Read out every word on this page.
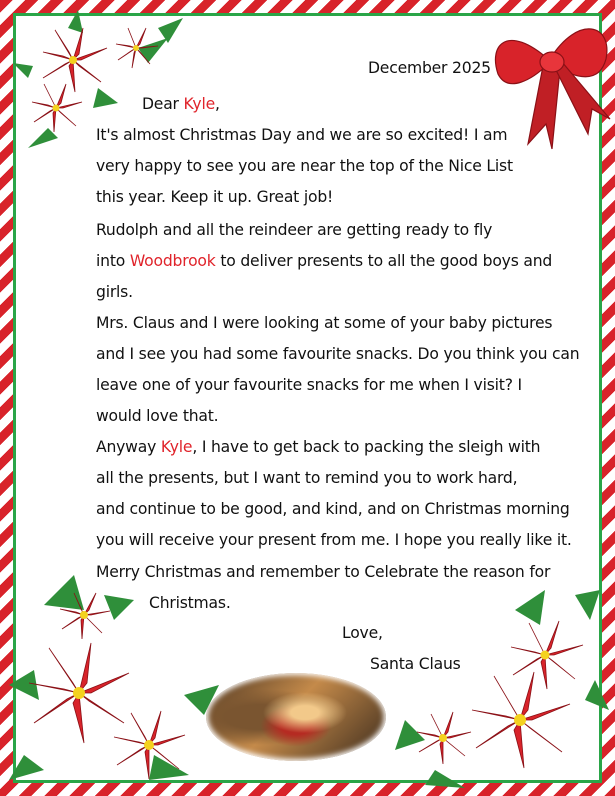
December 2025
Dear Kyle,
It's almost Christmas Day and we are so excited! I am
very happy to see you are near the top of the Nice List
this year. Keep it up. Great job!
Rudolph and all the reindeer are getting ready to fly
into Woodbrook to deliver presents to all the good boys and
girls.
Mrs. Claus and I were looking at some of your baby pictures
and I see you had some favourite snacks. Do you think you can
leave one of your favourite snacks for me when I visit? I
would love that.
Anyway Kyle, I have to get back to packing the sleigh with
all the presents, but I want to remind you to work hard,
and continue to be good, and kind, and on Christmas morning
you will receive your present from me. I hope you really like it.
Merry Christmas and remember to Celebrate the reason for
Christmas.
Love,
Santa Claus
